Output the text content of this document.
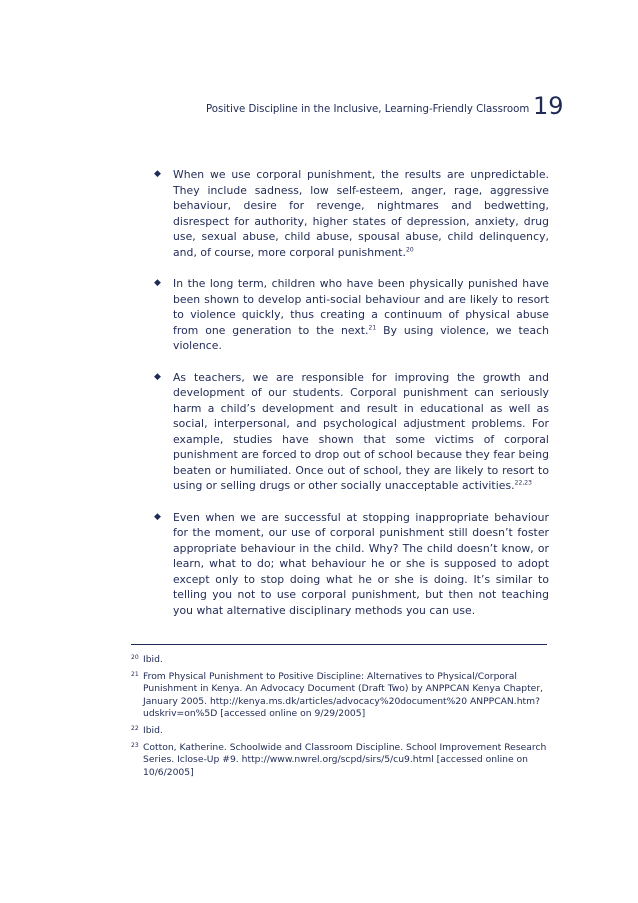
Positive Discipline in the Inclusive, Learning-Friendly Classroom 19
◆ When we use corporal punishment, the results are unpredictable. They include sadness, low self-esteem, anger, rage, aggressive behaviour, desire for revenge, nightmares and bedwetting, disrespect for authority, higher states of depression, anxiety, drug use, sexual abuse, child abuse, spousal abuse, child delinquency, and, of course, more corporal punishment.$^{20}$
◆ In the long term, children who have been physically punished have been shown to develop anti-social behaviour and are likely to resort to violence quickly, thus creating a continuum of physical abuse from one generation to the next.$^{21}$ By using violence, we teach violence.
◆ As teachers, we are responsible for improving the growth and development of our students. Corporal punishment can seriously harm a child’s development and result in educational as well as social, interpersonal, and psychological adjustment problems. For example, studies have shown that some victims of corporal punishment are forced to drop out of school because they fear being beaten or humiliated. Once out of school, they are likely to resort to using or selling drugs or other socially unacceptable activities.$^{22,23}$
◆ Even when we are successful at stopping inappropriate behaviour for the moment, our use of corporal punishment still doesn’t foster appropriate behaviour in the child. Why? The child doesn’t know, or learn, what to do; what behaviour he or she is supposed to adopt except only to stop doing what he or she is doing. It’s similar to telling you not to use corporal punishment, but then not teaching you what alternative disciplinary methods you can use.
20 Ibid.
21 From Physical Punishment to Positive Discipline: Alternatives to Physical/Corporal Punishment in Kenya. An Advocacy Document (Draft Two) by ANPPCAN Kenya Chapter, January 2005. http://kenya.ms.dk/articles/advocacy%20document%20 ANPPCAN.htm?udskriv=on%5D [accessed online on 9/29/2005]
22 Ibid.
23 Cotton, Katherine. Schoolwide and Classroom Discipline. School Improvement Research Series. Iclose-Up #9. http://www.nwrel.org/scpd/sirs/5/cu9.html [accessed online on 10/6/2005]
